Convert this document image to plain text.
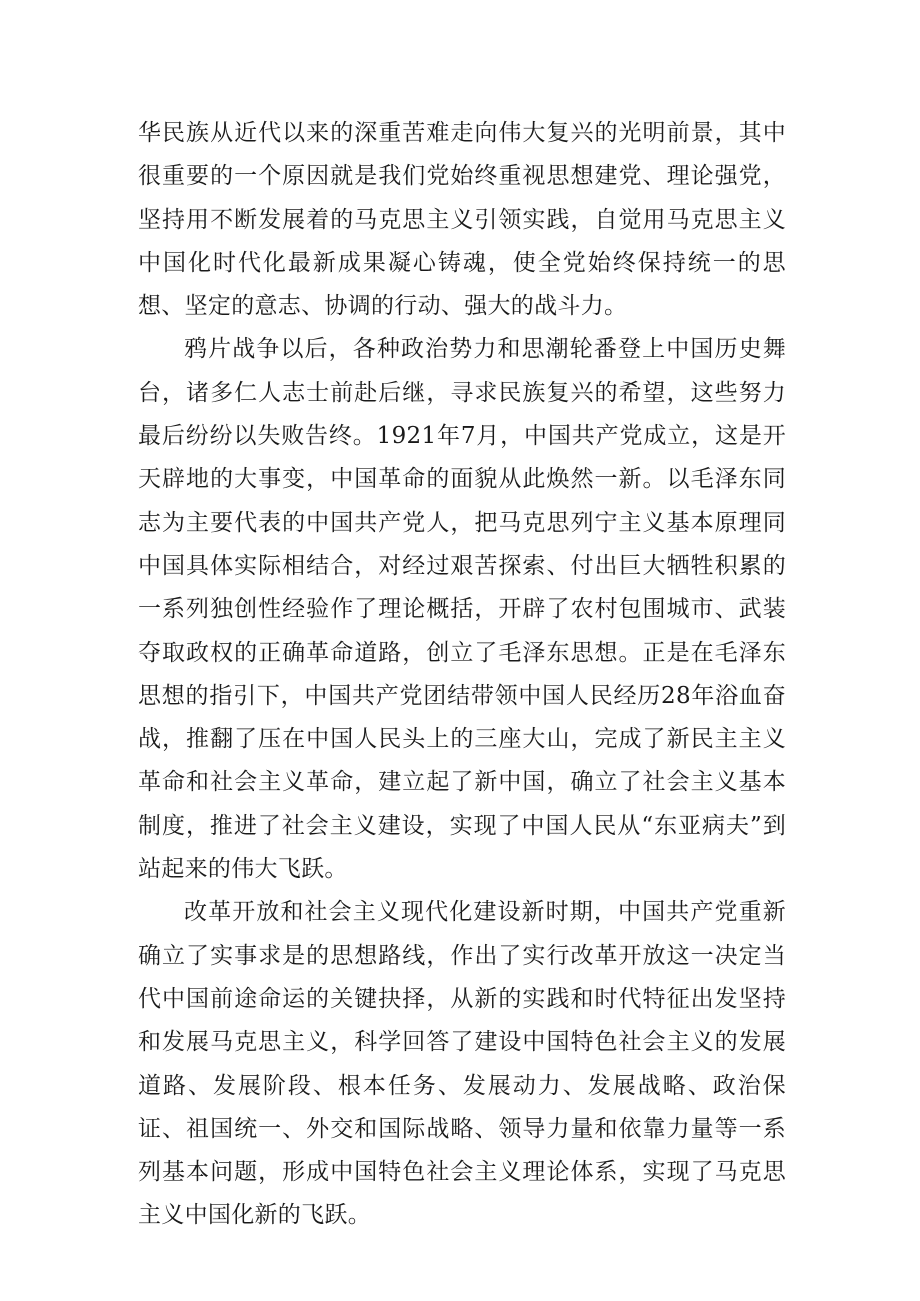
华民族从近代以来的深重苦难走向伟大复兴的光明前景，其中很重要的一个原因就是我们党始终重视思想建党、理论强党，坚持用不断发展着的马克思主义引领实践，自觉用马克思主义中国化时代化最新成果凝心铸魂，使全党始终保持统一的思想、坚定的意志、协调的行动、强大的战斗力。

鸦片战争以后，各种政治势力和思潮轮番登上中国历史舞台，诸多仁人志士前赴后继，寻求民族复兴的希望，这些努力最后纷纷以失败告终。1921年7月，中国共产党成立，这是开天辟地的大事变，中国革命的面貌从此焕然一新。以毛泽东同志为主要代表的中国共产党人，把马克思列宁主义基本原理同中国具体实际相结合，对经过艰苦探索、付出巨大牺牲积累的一系列独创性经验作了理论概括，开辟了农村包围城市、武装夺取政权的正确革命道路，创立了毛泽东思想。正是在毛泽东思想的指引下，中国共产党团结带领中国人民经历28年浴血奋战，推翻了压在中国人民头上的三座大山，完成了新民主主义革命和社会主义革命，建立起了新中国，确立了社会主义基本制度，推进了社会主义建设，实现了中国人民从“东亚病夫”到站起来的伟大飞跃。

改革开放和社会主义现代化建设新时期，中国共产党重新确立了实事求是的思想路线，作出了实行改革开放这一决定当代中国前途命运的关键抉择，从新的实践和时代特征出发坚持和发展马克思主义，科学回答了建设中国特色社会主义的发展道路、发展阶段、根本任务、发展动力、发展战略、政治保证、祖国统一、外交和国际战略、领导力量和依靠力量等一系列基本问题，形成中国特色社会主义理论体系，实现了马克思主义中国化新的飞跃。
